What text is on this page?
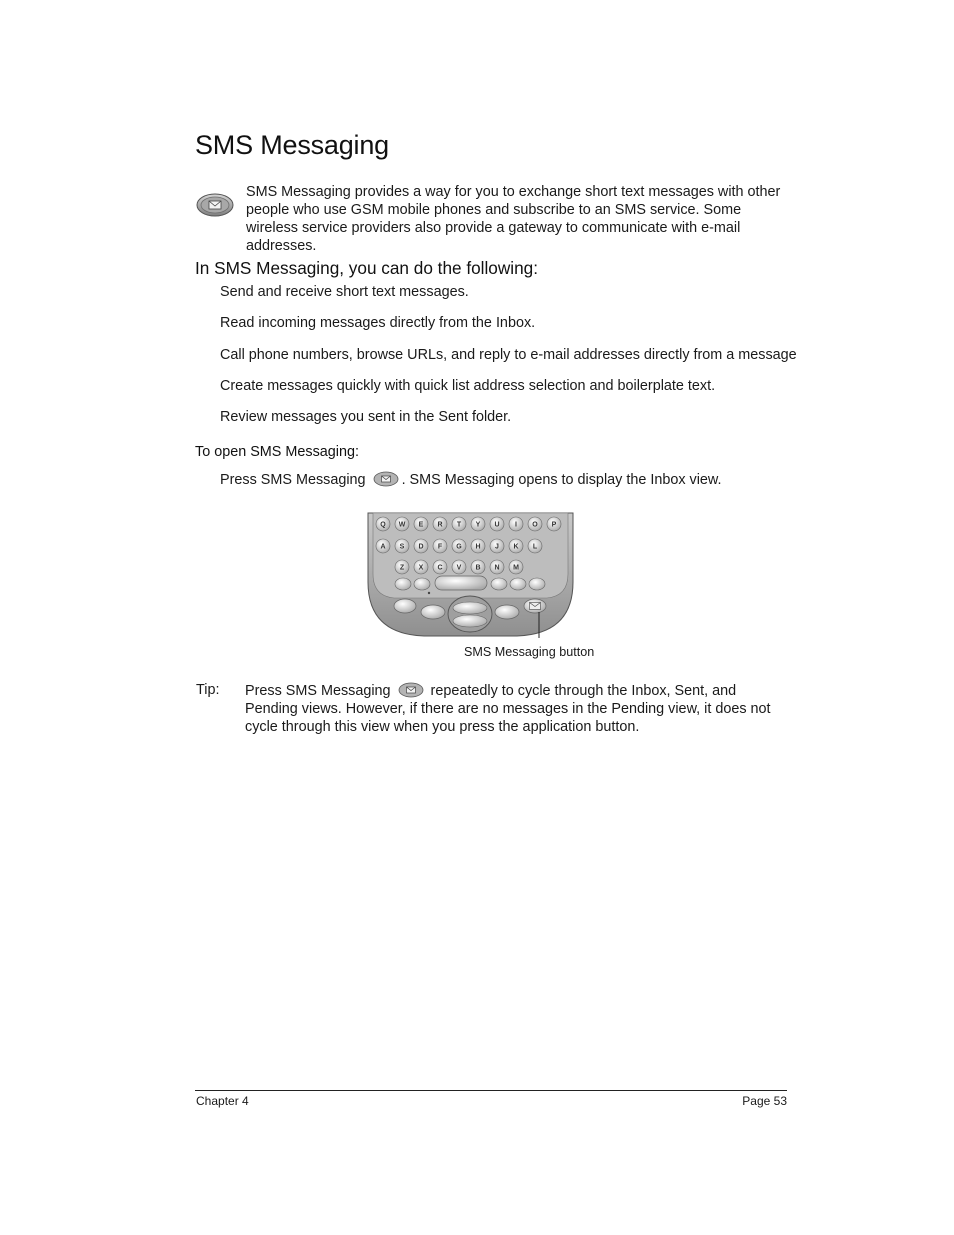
SMS Messaging
SMS Messaging provides a way for you to exchange short text messages with other people who use GSM mobile phones and subscribe to an SMS service. Some wireless service providers also provide a gateway to communicate with e-mail addresses.
In SMS Messaging, you can do the following:
Send and receive short text messages.
Read incoming messages directly from the Inbox.
Call phone numbers, browse URLs, and reply to e-mail addresses directly from a message
Create messages quickly with quick list address selection and boilerplate text.
Review messages you sent in the Sent folder.
To open SMS Messaging:
Press SMS Messaging . SMS Messaging opens to display the Inbox view.
Q W E R T Y U I O P
A S D F G H J K L
Z X C V B N M
SMS Messaging button
Tip: Press SMS Messaging  repeatedly to cycle through the Inbox, Sent, and Pending views. However, if there are no messages in the Pending view, it does not cycle through this view when you press the application button.
Chapter 4	Page 53
